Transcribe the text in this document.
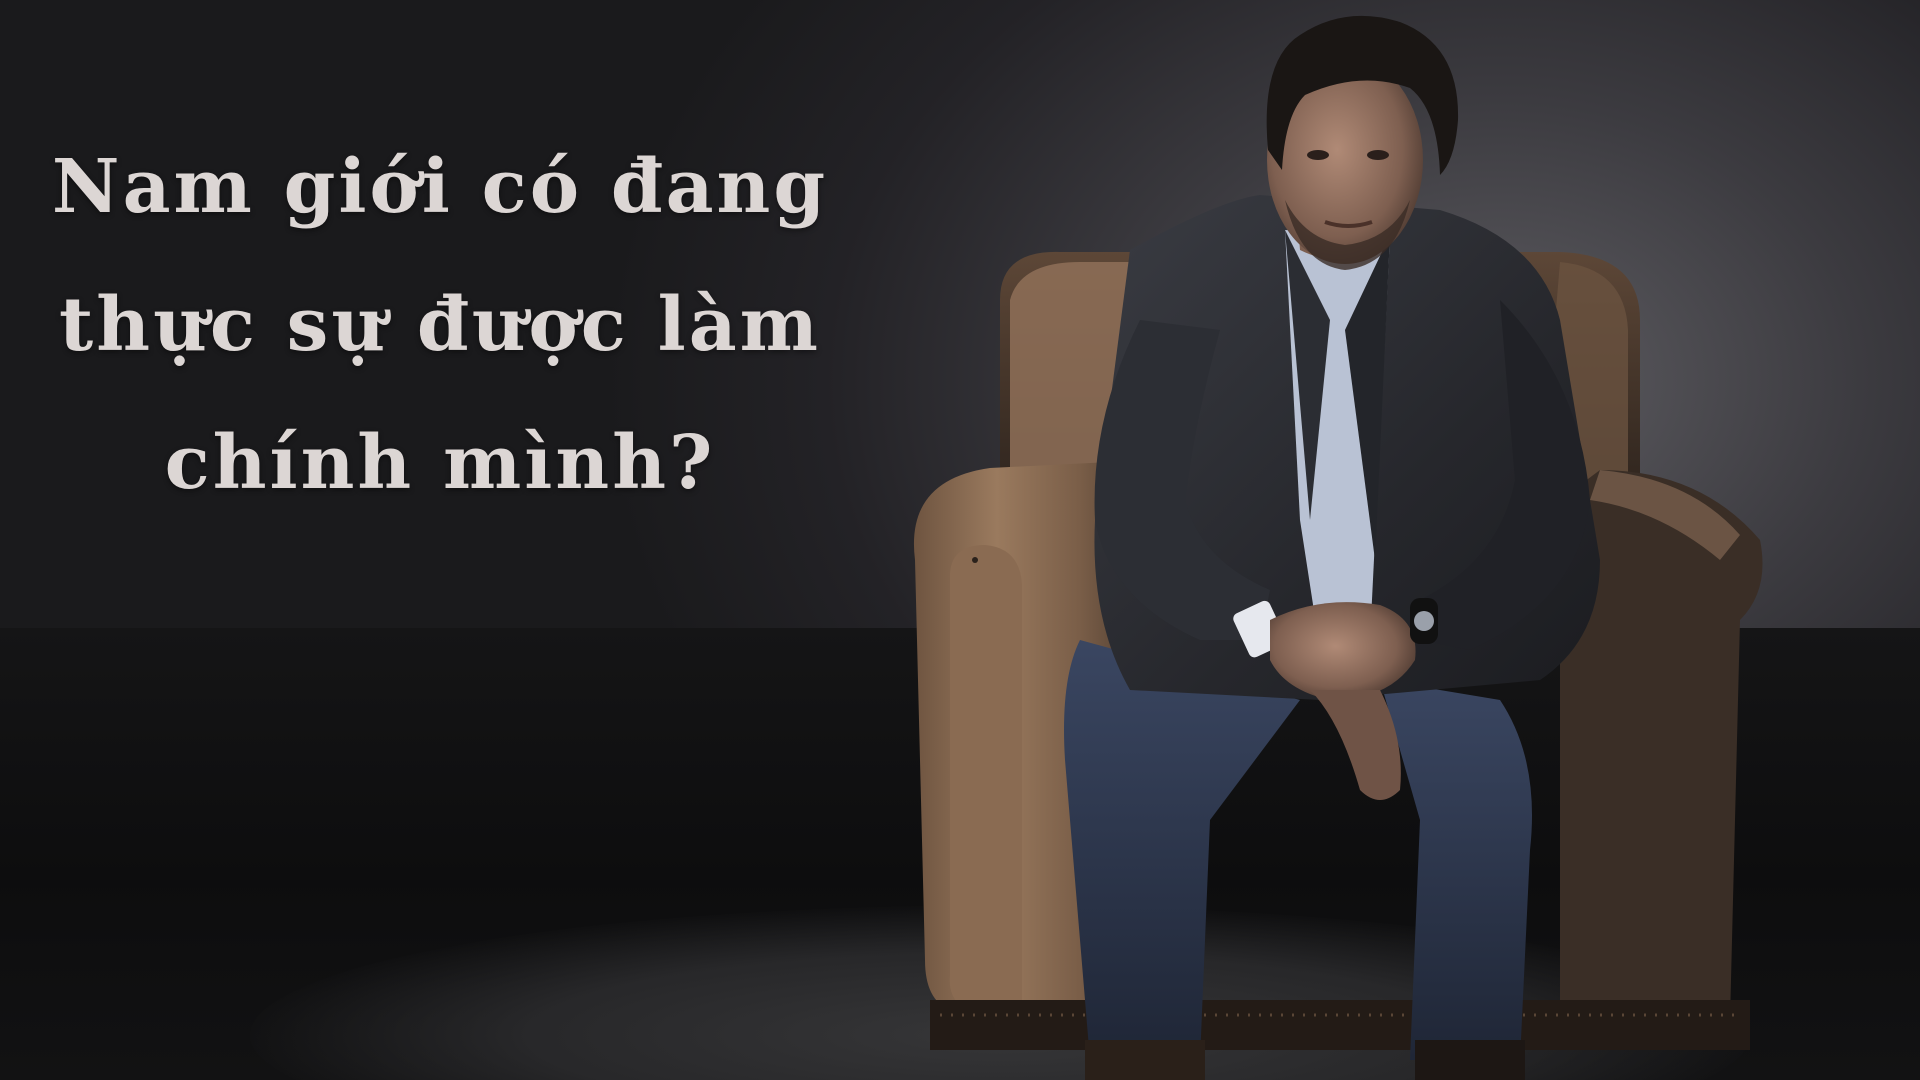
Nam giới có đang
thực sự được làm
chính mình?
